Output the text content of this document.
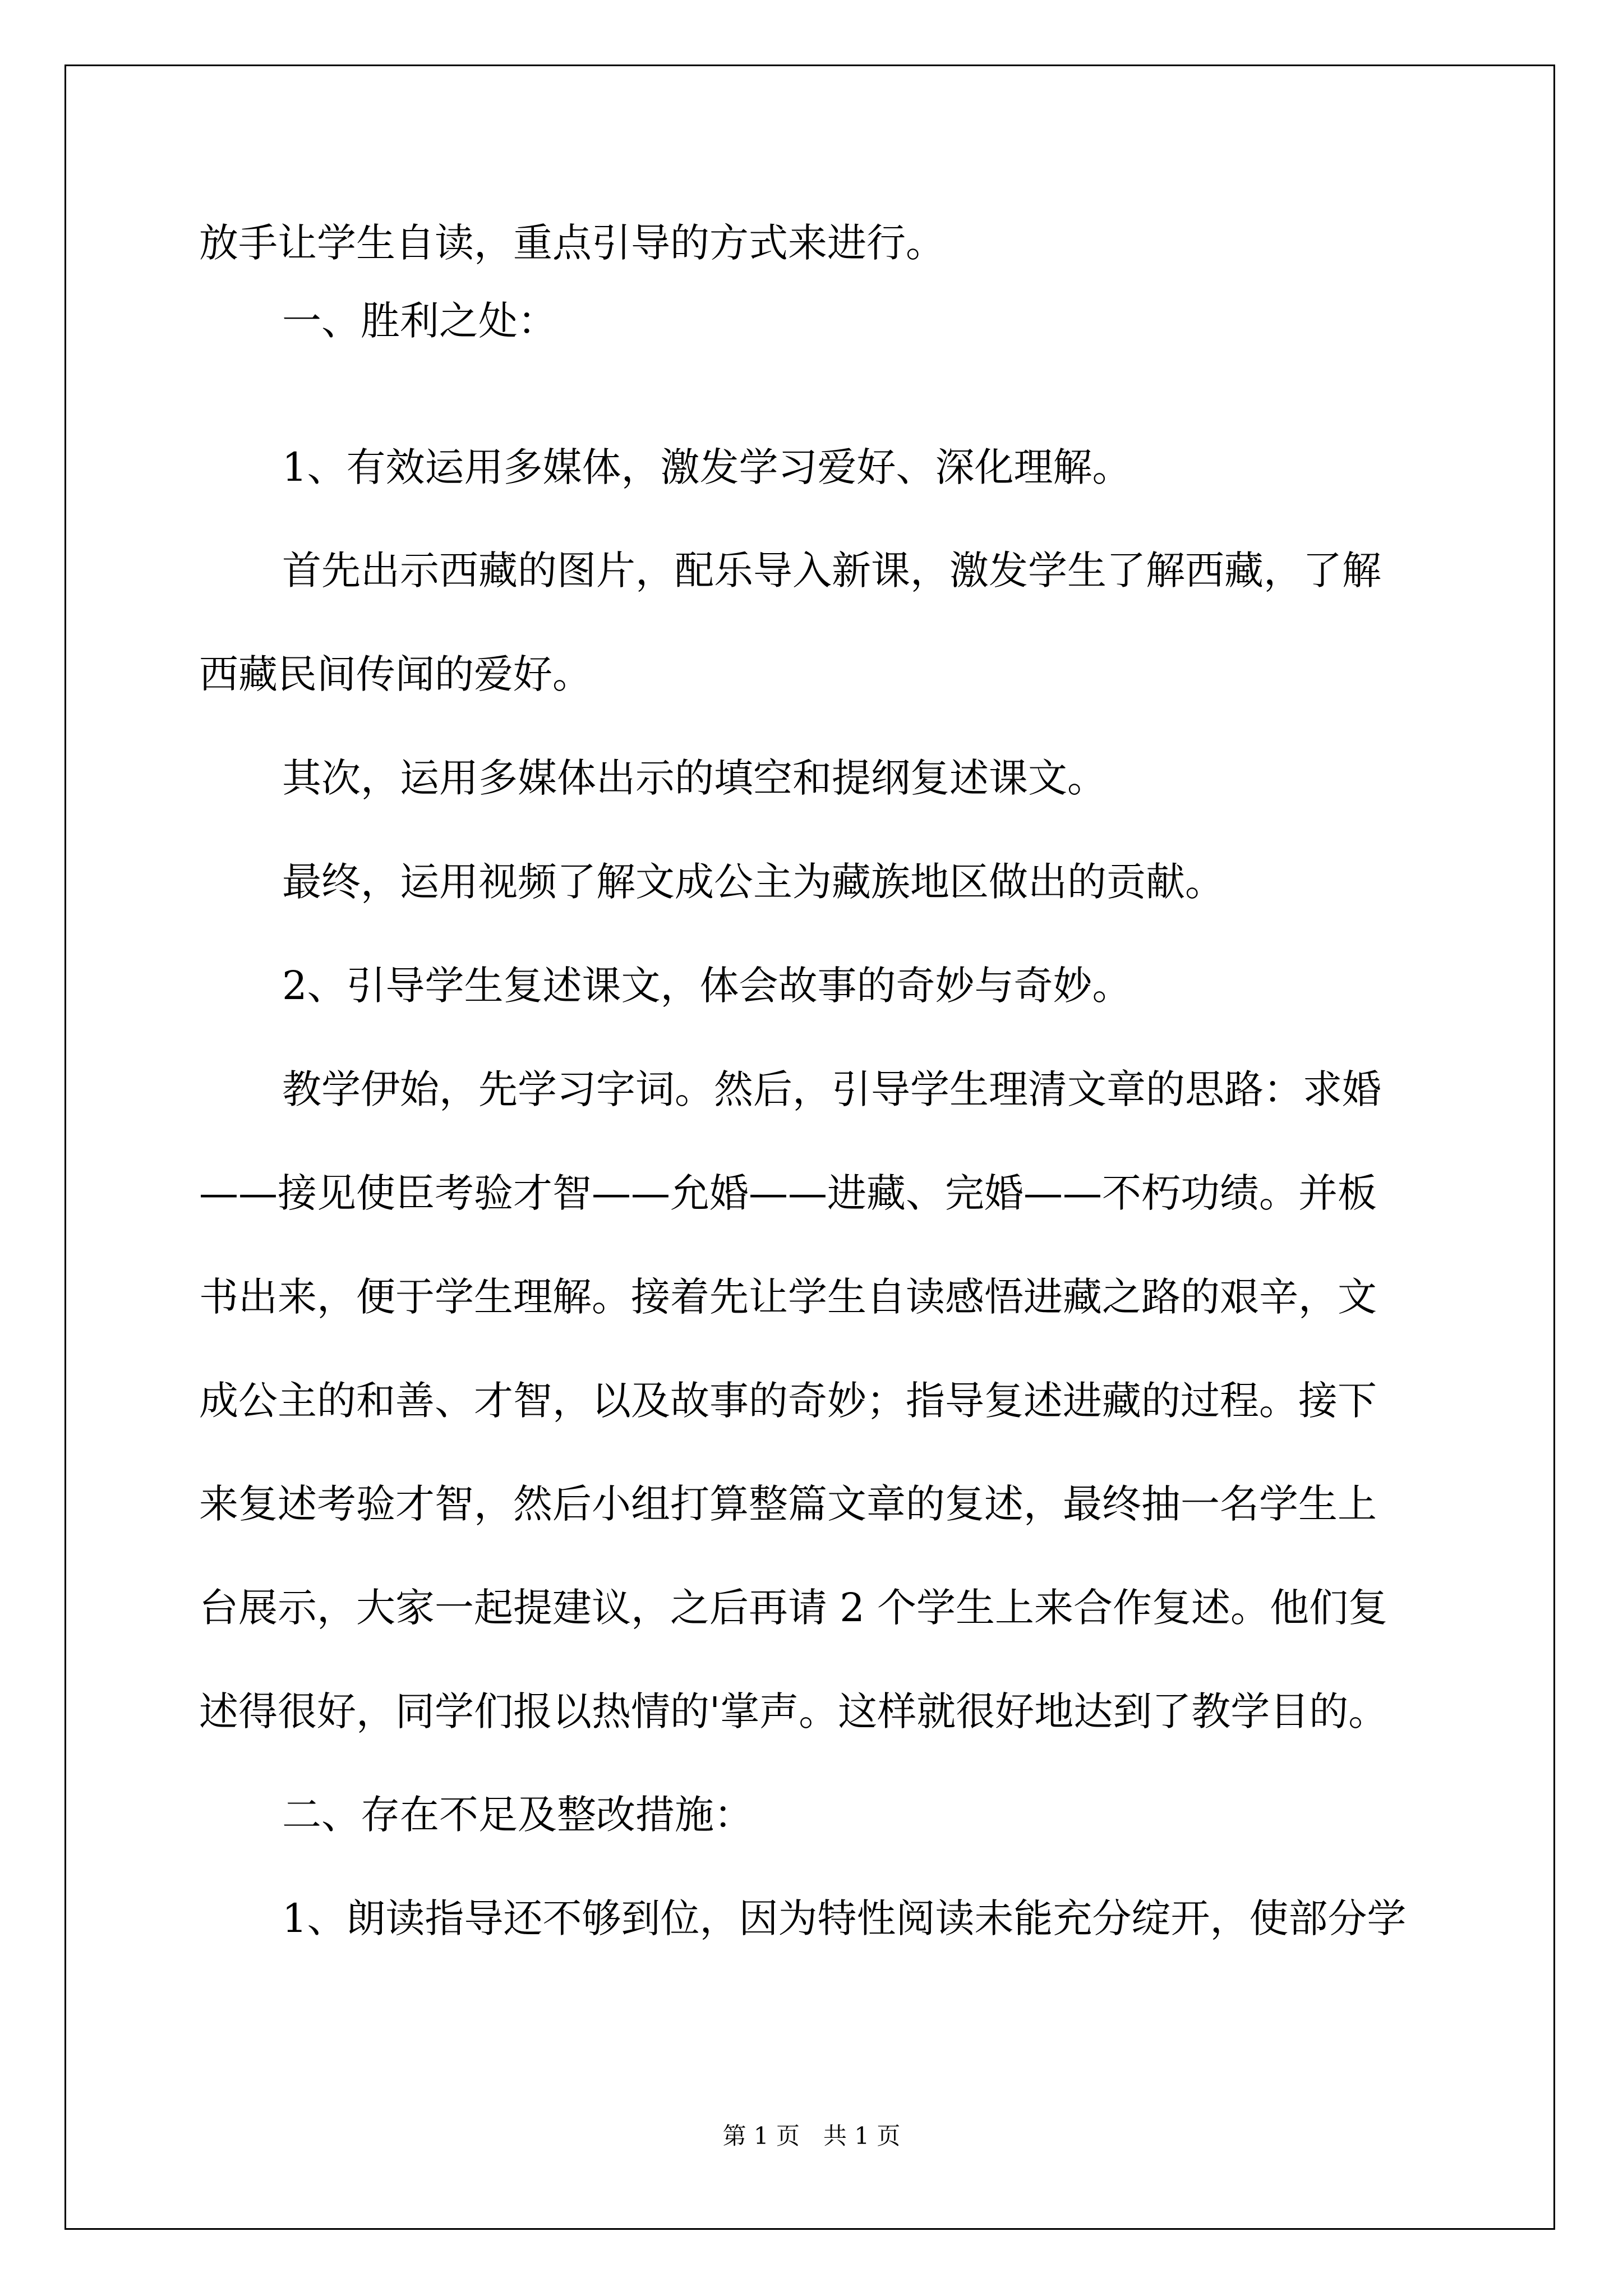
放手让学生自读，重点引导的方式来进行。
一、胜利之处：
1、有效运用多媒体，激发学习爱好、深化理解。
首先出示西藏的图片，配乐导入新课，激发学生了解西藏，了解
西藏民间传闻的爱好。
其次，运用多媒体出示的填空和提纲复述课文。
最终，运用视频了解文成公主为藏族地区做出的贡献。
2、引导学生复述课文，体会故事的奇妙与奇妙。
教学伊始，先学习字词。然后，引导学生理清文章的思路：求婚
——接见使臣考验才智——允婚——进藏、完婚——不朽功绩。并板
书出来，便于学生理解。接着先让学生自读感悟进藏之路的艰辛，文
成公主的和善、才智，以及故事的奇妙；指导复述进藏的过程。接下
来复述考验才智，然后小组打算整篇文章的复述，最终抽一名学生上
台展示，大家一起提建议，之后再请 2 个学生上来合作复述。他们复
述得很好，同学们报以热情的'掌声。这样就很好地达到了教学目的。
二、存在不足及整改措施：
1、朗读指导还不够到位，因为特性阅读未能充分绽开，使部分学
第 1 页　共 1 页
